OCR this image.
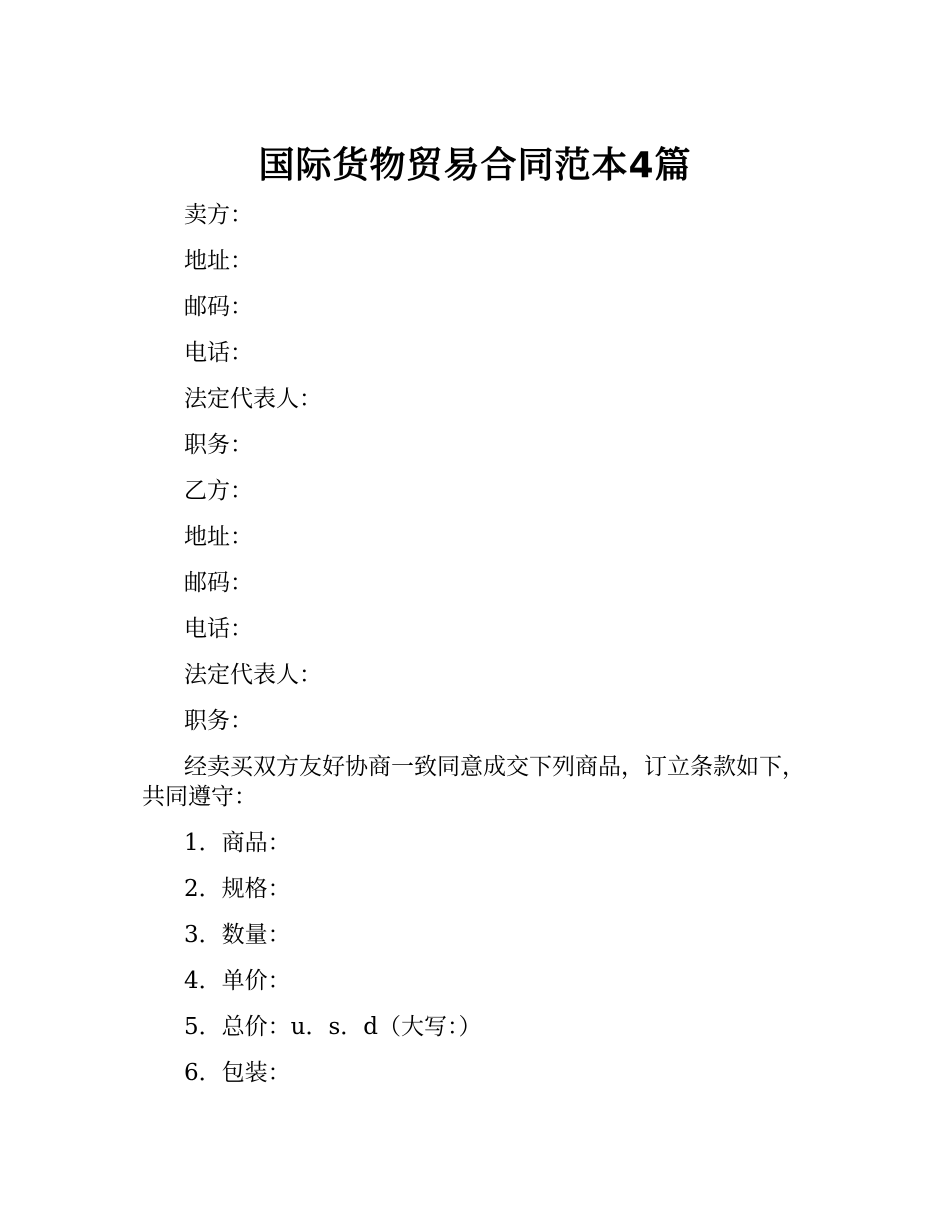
国际货物贸易合同范本4篇

卖方：

地址：

邮码：

电话：

法定代表人：

职务：

乙方：

地址：

邮码：

电话：

法定代表人：

职务：

经卖买双方友好协商一致同意成交下列商品，订立条款如下，共同遵守：

1．商品：

2．规格：

3．数量：

4．单价：

5．总价：u．s．d（大写：）

6．包装：
